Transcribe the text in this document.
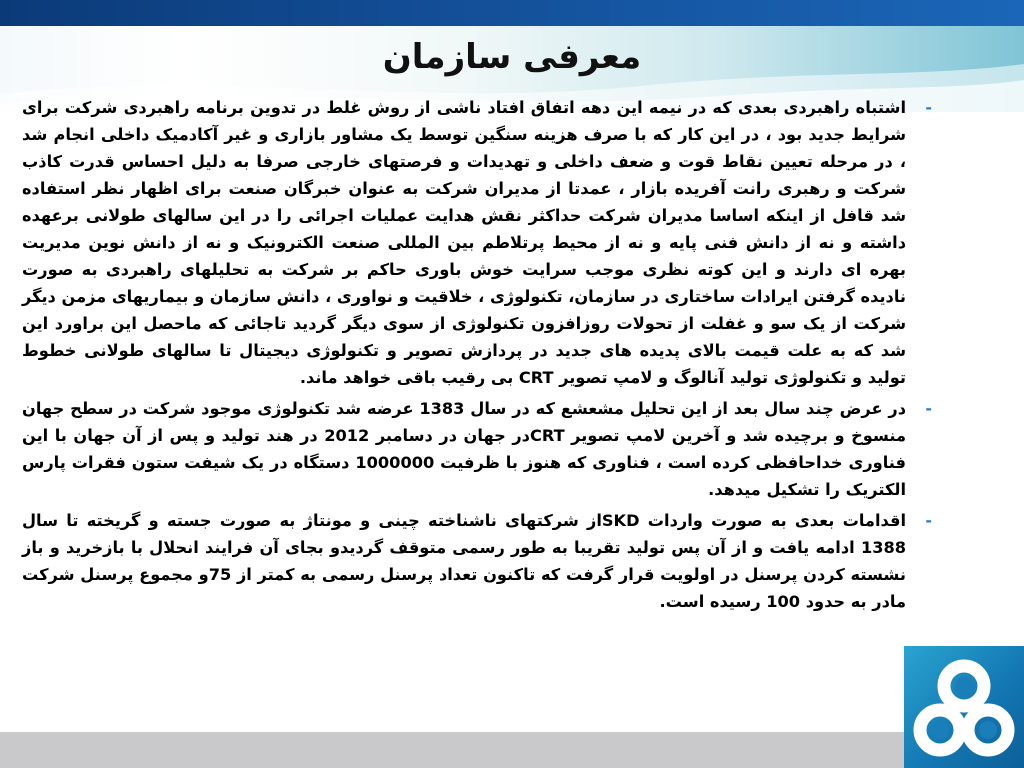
معرفی سازمان

-
اشتباه راهبردی بعدی که در نیمه این دهه اتفاق افتاد ناشی از روش غلط در تدوین برنامه راهبردی شرکت برای شرایط جدید بود ، در این کار که با صرف هزینه سنگین توسط یک مشاور بازاری و غیر آکادمیک داخلی انجام شد ، در مرحله تعیین نقاط قوت و ضعف داخلی و تهدیدات و فرصتهای خارجی صرفا به دلیل احساس قدرت کاذب شرکت و رهبری رانت آفریده بازار ، عمدتا از مدیران شرکت به عنوان خبرگان صنعت برای اظهار نظر استفاده شد قافل از اینکه اساسا مدیران شرکت حداکثر نقش هدایت عملیات اجرائی را در این سالهای طولانی برعهده داشته و نه از دانش فنی پایه و نه از محیط پرتلاطم بین المللی صنعت الکترونیک و نه از دانش نوین مدیریت بهره ای دارند و این کوته نظری موجب سرایت خوش باوری حاکم بر شرکت به تحلیلهای راهبردی به صورت نادیده گرفتن ایرادات ساختاری در سازمان، تکنولوژی ، خلاقیت و نواوری ، دانش سازمان و بیماریهای مزمن دیگر شرکت از یک سو و غفلت از تحولات روزافزون تکنولوژی از سوی دیگر گردید تاجائی که ماحصل این براورد این شد که به علت قیمت بالای پدیده های جدید در پردازش تصویر و تکنولوژی دیجیتال تا سالهای طولانی خطوط تولید و تکنولوژی تولید آنالوگ و لامپ تصویر CRT بی رقیب باقی خواهد ماند.

-
در عرض چند سال بعد از این تحلیل مشعشع که در سال 1383 عرضه شد تکنولوژی موجود شرکت در سطح جهان منسوخ و برچیده شد و آخرین لامپ تصویر CRTدر جهان در دسامبر 2012 در هند تولید و پس از آن جهان با این فناوری خداحافظی کرده است ، فناوری که هنوز با ظرفیت 1000000 دستگاه در یک شیفت ستون فقرات پارس الکتریک را تشکیل میدهد.

-
اقدامات بعدی به صورت واردات SKDاز شرکتهای ناشناخته چینی و مونتاژ به صورت جسته و گریخته تا سال 1388 ادامه یافت و از آن پس تولید تقریبا به طور رسمی متوقف گردیدو بجای آن فرایند انحلال با بازخرید و باز نشسته کردن پرسنل در اولویت قرار گرفت که تاکنون تعداد پرسنل رسمی به کمتر از 75و مجموع پرسنل شرکت مادر به حدود 100 رسیده است.
